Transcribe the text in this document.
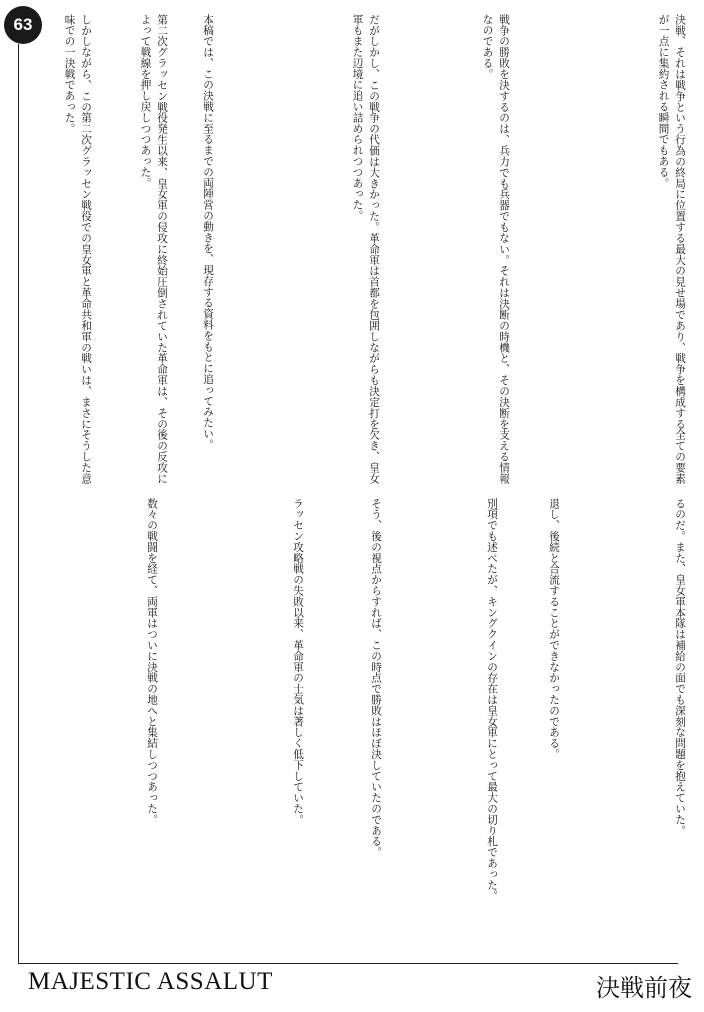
63	決戦、それは戦争という行為の終局に位置する最大の見せ場であり、戦争を構成する全ての要素が一点に集約される瞬間でもある。
戦争の勝敗を決するのは、兵力でも兵器でもない。それは決断の時機と、その決断を支える情報なのである。
だがしかし、この戦争の代価は大きかった。革命軍は首都を包囲しながらも決定打を欠き、皇女軍もまた辺境に追い詰められつつあった。
本稿では、この決戦に至るまでの両陣営の動きを、現存する資料をもとに追ってみたい。
第二次グラッセン戦役発生以来、皇女軍の侵攻に終始圧倒されていた革命軍は、その後の反攻によって戦線を押し戻しつつあった。
しかしながら、この第二次グラッセン戦役での皇女軍と革命共和軍の戦いは、まさにそうした意味での一決戦であった。
るのだ。また、皇女軍本隊は補給の面でも深刻な問題を抱えていた。
退し、後続と合流することができなかったのである。
別項でも述べたが、キングクインの存在は皇女軍にとって最大の切り札であった。
そう、後の視点からすれば、この時点で勝敗はほぼ決していたのである。
ラッセン攻略戦の失敗以来、革命軍の士気は著しく低下していた。
数々の戦闘を経て、両軍はついに決戦の地へと集結しつつあった。
MAJESTIC ASSALUT	決戦前夜
